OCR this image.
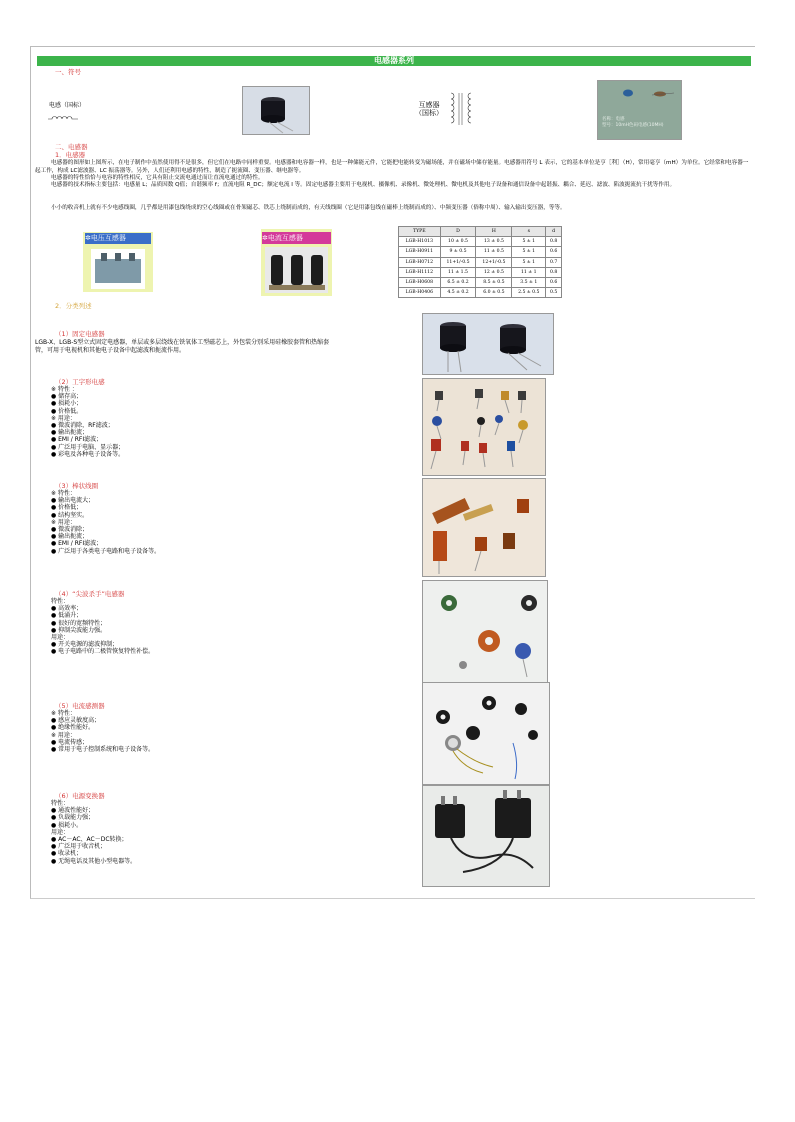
电感器系列
一、符号
电感（国标）	互感器
（国标）
名称：电感
型号：10mH色码电感(10MH)
二、电感器
1．电感器
电感器的图形如上图所示，在电子制作中虽然使用得不是很多，但它们在电路中同样重要。电感器和电容器一样，也是一种储能元件，它能把电能转变为磁场能，并在磁场中储存能量。电感器用符号 L 表示，它的基本单位是亨［利］（H），常用毫亨（mH）为单位。它经常和电容器一起工作，构成 LC滤波器、LC 振荡器等。另外，人们还利用电感的特性，制造了扼流圈、变压器、继电器等。
电感器的特性恰恰与电容的特性相反，它具有阻止交流电通过而让直流电通过的特性。
电感器的技术指标主要包括：电感量 L；品质因数 Q值；自谐频率 f；直流电阻 R_DC；额定电流 I 等。固定电感器主要用于电视机、摄像机、录像机、微处理机、微电机及其他电子设备和通信设备中起谐振、耦合、延迟、滤波、陷波扼流抗干扰等作用。
小小的收音机上就有不少电感线圈，几乎都是用漆包线绕成的空心线圈或在骨架磁芯、铁芯上绕制而成的，有天线线圈（它是用漆包线在磁棒上绕制而成的）、中频变压器（俗称中周）、输入输出变压器，等等。
✲电压互感器	✲电流互感器
TYPE	D	H	s	d
LGB-H1013	10 ± 0.5	13 ± 0.5	5 ± 1	0.8
LGB-H0911	9 ± 0.5	11 ± 0.5	5 ± 1	0.6
LGB-H0712	11+1/-0.5	12+1/-0.5	5 ± 1	0.7
LGB-H1112	11 ± 1.5	12 ± 0.5	11 ± 1	0.8
LGB-H0608	6.5 ± 0.2	8.5 ± 0.5	3.5 ± 1	0.6
LGB-H0406	4.5 ± 0.2	6.0 ± 0.5	2.5 ± 0.5	0.5
2．分类列述
（1）固定电感器
LGB-X、LGB-S型立式固定电感器，单层或多层绕线在铁氧体工型磁芯上，外包装分别采用硅橡胶套管和热缩套
管，可用于电视机和其他电子设备中起滤波和扼流作用。
（2）工字形电感
※ 特性 ：
● 储存高；
● 损耗小；
● 价格低。
※ 用途：
● 微波消除，RF滤波；
● 输出扼流；
● EMI / RFI滤波；
● 广泛用于电脑、显示器；
● 彩电及各种电子设备等。
（3）棒状线圈
※ 特性：
● 输出电流大；
● 价格低；
● 结构坚实。
※ 用途：
● 微波消除；
● 输出扼流；
● EMI / RFI滤波；
● 广泛用于各类电子电路和电子设备等。
（4）“尖波杀手”电感器
特性：
● 高效率；
● 低涌升；
● 很好的宽频特性；
● 抑制尖波能力强。
用途：
● 开关电源的滤波抑制；
● 电子电路中的二极管恢复特性补偿。
（5）电流感测器
※ 特性：
● 感应灵敏度高；
● 绝缘性能好。
※ 用途：
● 电流传感；
● 常用于电子控制系统和电子设备等。
（6）电源变换器
特性：
● 通波性能好；
● 负载能力强；
● 损耗小。
用途：
● AC－AC、AC－DC转换；
● 广泛用于收音机；
● 收录机；
● 无绳电话及其他小型电器等。
